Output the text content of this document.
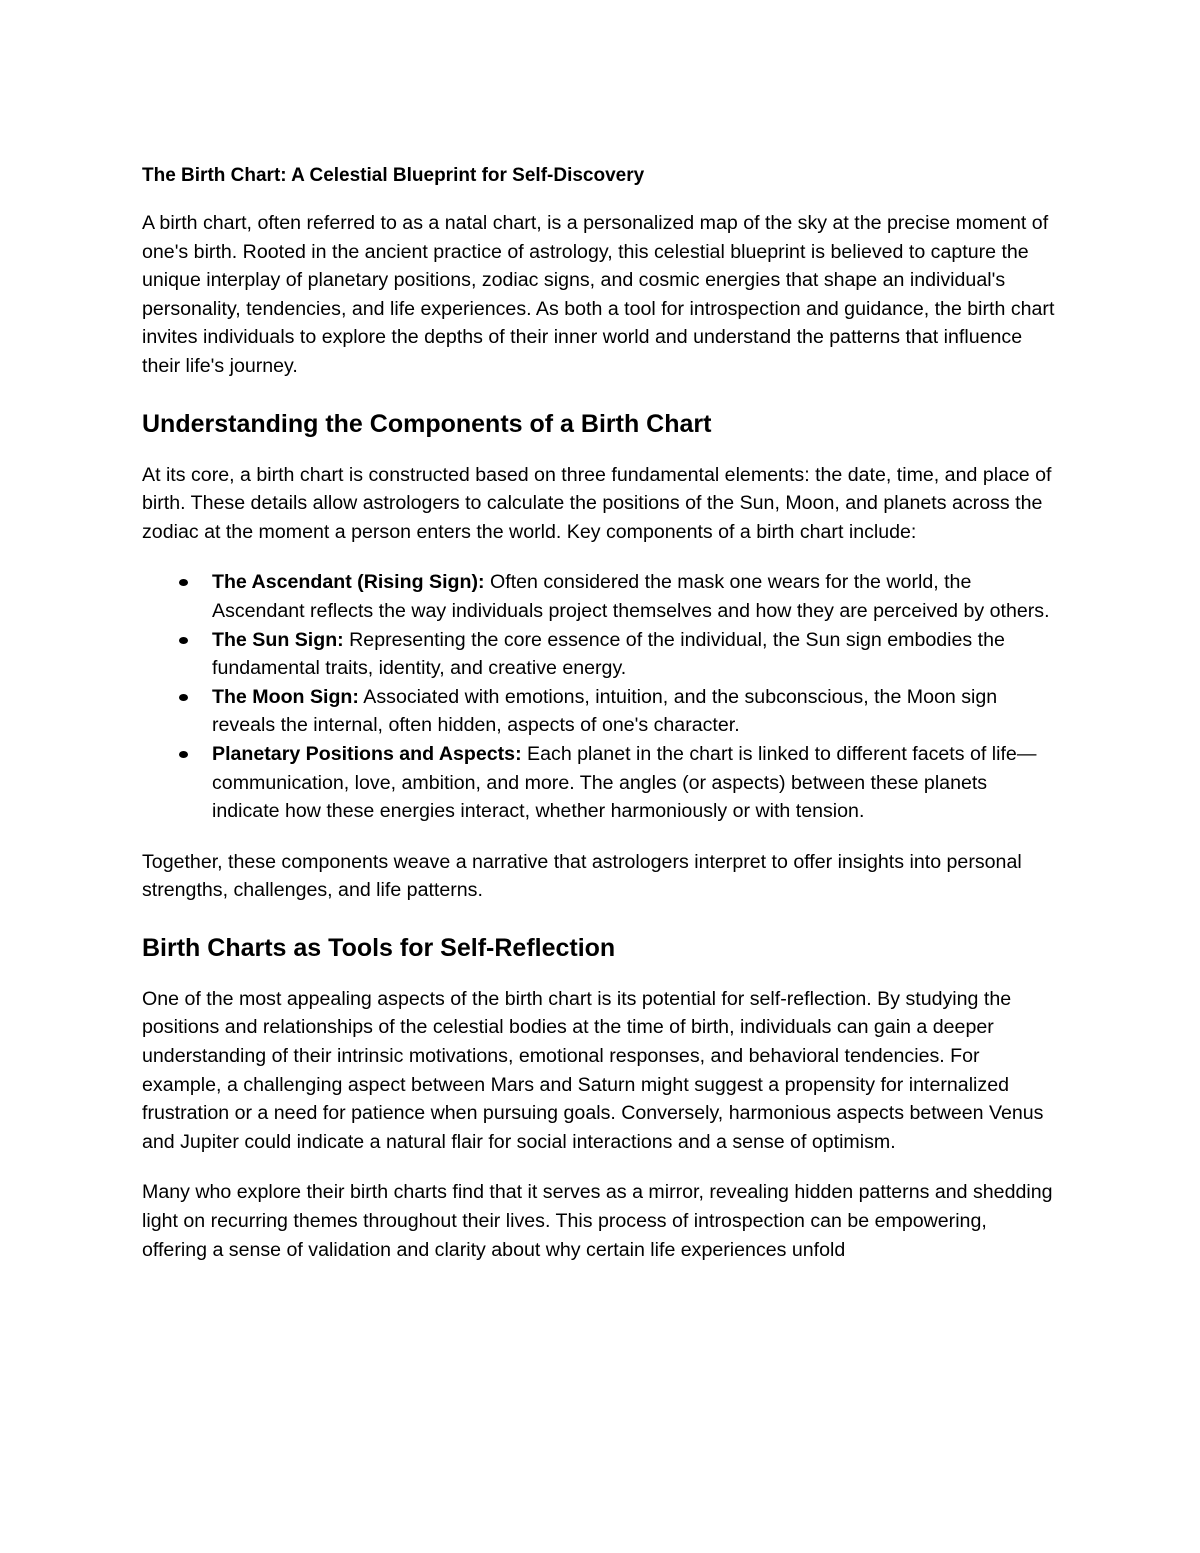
The Birth Chart: A Celestial Blueprint for Self-Discovery

A birth chart, often referred to as a natal chart, is a personalized map of the sky at the precise moment of one's birth. Rooted in the ancient practice of astrology, this celestial blueprint is believed to capture the unique interplay of planetary positions, zodiac signs, and cosmic energies that shape an individual's personality, tendencies, and life experiences. As both a tool for introspection and guidance, the birth chart invites individuals to explore the depths of their inner world and understand the patterns that influence their life's journey.

Understanding the Components of a Birth Chart

At its core, a birth chart is constructed based on three fundamental elements: the date, time, and place of birth. These details allow astrologers to calculate the positions of the Sun, Moon, and planets across the zodiac at the moment a person enters the world. Key components of a birth chart include:

The Ascendant (Rising Sign): Often considered the mask one wears for the world, the Ascendant reflects the way individuals project themselves and how they are perceived by others.
The Sun Sign: Representing the core essence of the individual, the Sun sign embodies the fundamental traits, identity, and creative energy.
The Moon Sign: Associated with emotions, intuition, and the subconscious, the Moon sign reveals the internal, often hidden, aspects of one's character.
Planetary Positions and Aspects: Each planet in the chart is linked to different facets of life—communication, love, ambition, and more. The angles (or aspects) between these planets indicate how these energies interact, whether harmoniously or with tension.

Together, these components weave a narrative that astrologers interpret to offer insights into personal strengths, challenges, and life patterns.

Birth Charts as Tools for Self-Reflection

One of the most appealing aspects of the birth chart is its potential for self-reflection. By studying the positions and relationships of the celestial bodies at the time of birth, individuals can gain a deeper understanding of their intrinsic motivations, emotional responses, and behavioral tendencies. For example, a challenging aspect between Mars and Saturn might suggest a propensity for internalized frustration or a need for patience when pursuing goals. Conversely, harmonious aspects between Venus and Jupiter could indicate a natural flair for social interactions and a sense of optimism.

Many who explore their birth charts find that it serves as a mirror, revealing hidden patterns and shedding light on recurring themes throughout their lives. This process of introspection can be empowering, offering a sense of validation and clarity about why certain life experiences unfold
